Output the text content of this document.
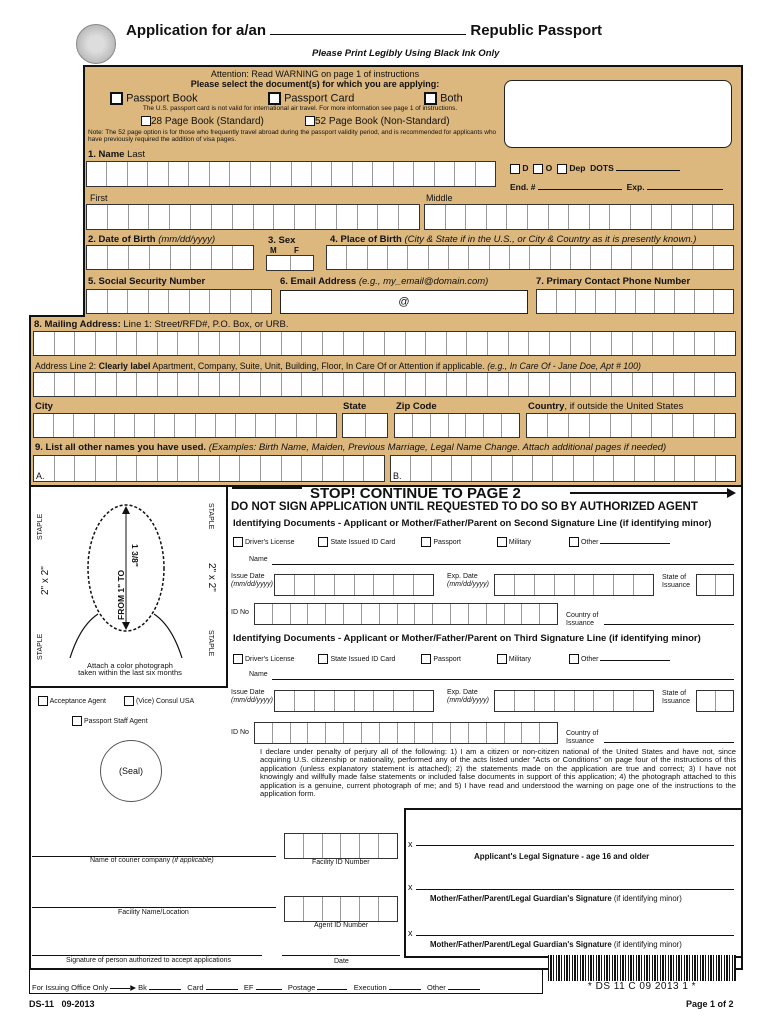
Application for a/an	Republic Passport
Please Print Legibly Using Black Ink Only
Attention: Read WARNING on page 1 of instructions
Please select the document(s) for which you are applying:
Passport Book	Passport Card	Both
The U.S. passport card is not valid for international air travel. For more information see page 1 of instructions.
28 Page Book (Standard)	52 Page Book (Non-Standard)
Note: The 52 page option is for those who frequently travel abroad during the passport validity period, and is recommended for applicants who have previously required the addition of visa pages.
1. Name Last
D O Dep DOTS
End. #	Exp.
First	Middle
2. Date of Birth (mm/dd/yyyy)	3. Sex
M F
4. Place of Birth (City & State if in the U.S., or City & Country as it is presently known.)
5. Social Security Number	6. Email Address (e.g., my_email@domain.com)	7. Primary Contact Phone Number
@
8. Mailing Address: Line 1: Street/RFD#, P.O. Box, or URB.
Address Line 2: Clearly label Apartment, Company, Suite, Unit, Building, Floor, In Care Of or Attention if applicable. (e.g., In Care Of - Jane Doe, Apt # 100)
City	State	Zip Code	Country, if outside the United States
9. List all other names you have used. (Examples: Birth Name, Maiden, Previous Marriage, Legal Name Change. Attach additional pages if needed)
A.	B.
STAPLE
STAPLE
STAPLE
STAPLE
2" x 2"	2" x 2"
FROM 1" TO
1 3/8"
Attach a color photograph
taken within the last six months
STOP! CONTINUE TO PAGE 2
DO NOT SIGN APPLICATION UNTIL REQUESTED TO DO SO BY AUTHORIZED AGENT
Identifying Documents - Applicant or Mother/Father/Parent on Second Signature Line (if identifying minor)
Driver's License	State Issued ID Card	Passport	Military	Other
Name
Issue Date
(mm/dd/yyyy)
Exp. Date
(mm/dd/yyyy)
State of
Issuance
ID No	Country of
Issuance
Identifying Documents - Applicant or Mother/Father/Parent on Third Signature Line (if identifying minor)
Driver's License	State Issued ID Card	Passport	Military	Other
Name
Issue Date
(mm/dd/yyyy)
Exp. Date
(mm/dd/yyyy)
State of
Issuance
ID No	Country of
Issuance
Acceptance Agent	(Vice) Consul USA
Passport Staff Agent
(Seal)
I declare under penalty of perjury all of the following: 1) I am a citizen or non-citizen national of the United States and have not, since acquiring U.S. citizenship or nationality, performed any of the acts listed under "Acts or Conditions" on page four of the instructions of this application (unless explanatory statement is attached); 2) the statements made on the application are true and correct; 3) I have not knowingly and willfully made false statements or included false documents in support of this application; 4) the photograph attached to this application is a genuine, current photograph of me; and 5) I have read and understood the warning on page one of the instructions to the application form.
Name of courier company (if applicable)	Facility ID Number
Facility Name/Location
Agent ID Number
Signature of person authorized to accept applications	Date
x
Applicant's Legal Signature - age 16 and older
x
Mother/Father/Parent/Legal Guardian's Signature (if identifying minor)
x
Mother/Father/Parent/Legal Guardian's Signature (if identifying minor)
* DS 11 C 09 2013 1 *
For Issuing Office Only	▶ Bk	Card	EF	Postage	Execution	Other
DS-11   09-2013	Page 1 of 2
